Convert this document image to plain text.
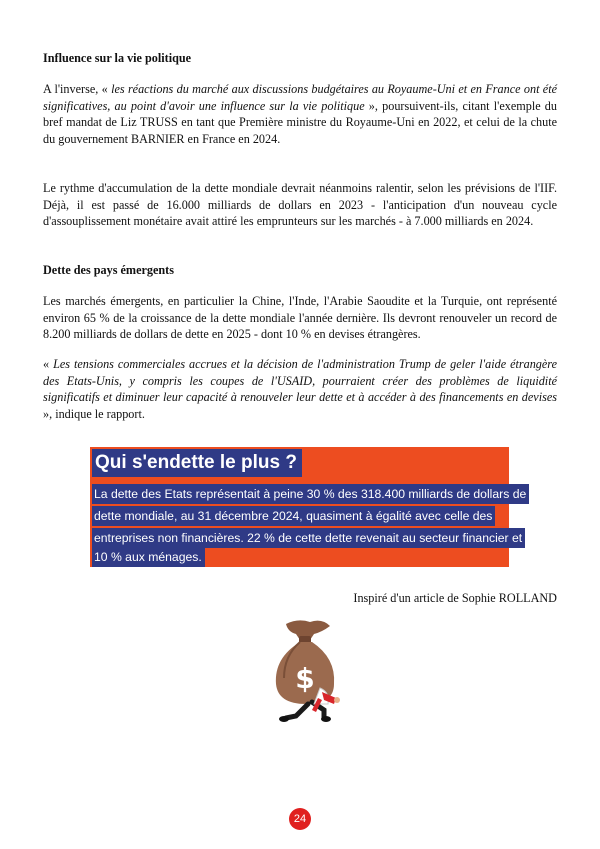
Influence sur la vie politique

A l'inverse, « les réactions du marché aux discussions budgétaires au Royaume-Uni et en France ont été significatives, au point d'avoir une influence sur la vie politique », poursuivent-ils, citant l'exemple du bref mandat de Liz TRUSS en tant que Première ministre du Royaume-Uni en 2022, et celui de la chute du gouvernement BARNIER en France en 2024.

Le rythme d'accumulation de la dette mondiale devrait néanmoins ralentir, selon les prévisions de l'IIF. Déjà, il est passé de 16.000 milliards de dollars en 2023 - l'anticipation d'un nouveau cycle d'assouplissement monétaire avait attiré les emprunteurs sur les marchés - à 7.000 milliards en 2024.

Dette des pays émergents

Les marchés émergents, en particulier la Chine, l'Inde, l'Arabie Saoudite et la Turquie, ont représenté environ 65 % de la croissance de la dette mondiale l'année dernière. Ils devront renouveler un record de 8.200 milliards de dollars de dette en 2025 - dont 10 % en devises étrangères.

« Les tensions commerciales accrues et la décision de l'administration Trump de geler l'aide étrangère des Etats-Unis, y compris les coupes de l'USAID, pourraient créer des problèmes de liquidité significatifs et diminuer leur capacité à renouveler leur dette et à accéder à des financements en devises », indique le rapport.

Qui s'endette le plus ?
La dette des Etats représentait à peine 30 % des 318.400 milliards de dollars de
dette mondiale, au 31 décembre 2024, quasiment à égalité avec celle des
entreprises non financières. 22 % de cette dette revenait au secteur financier et
10 % aux ménages.
Inspiré d'un article de Sophie ROLLAND
$
24
